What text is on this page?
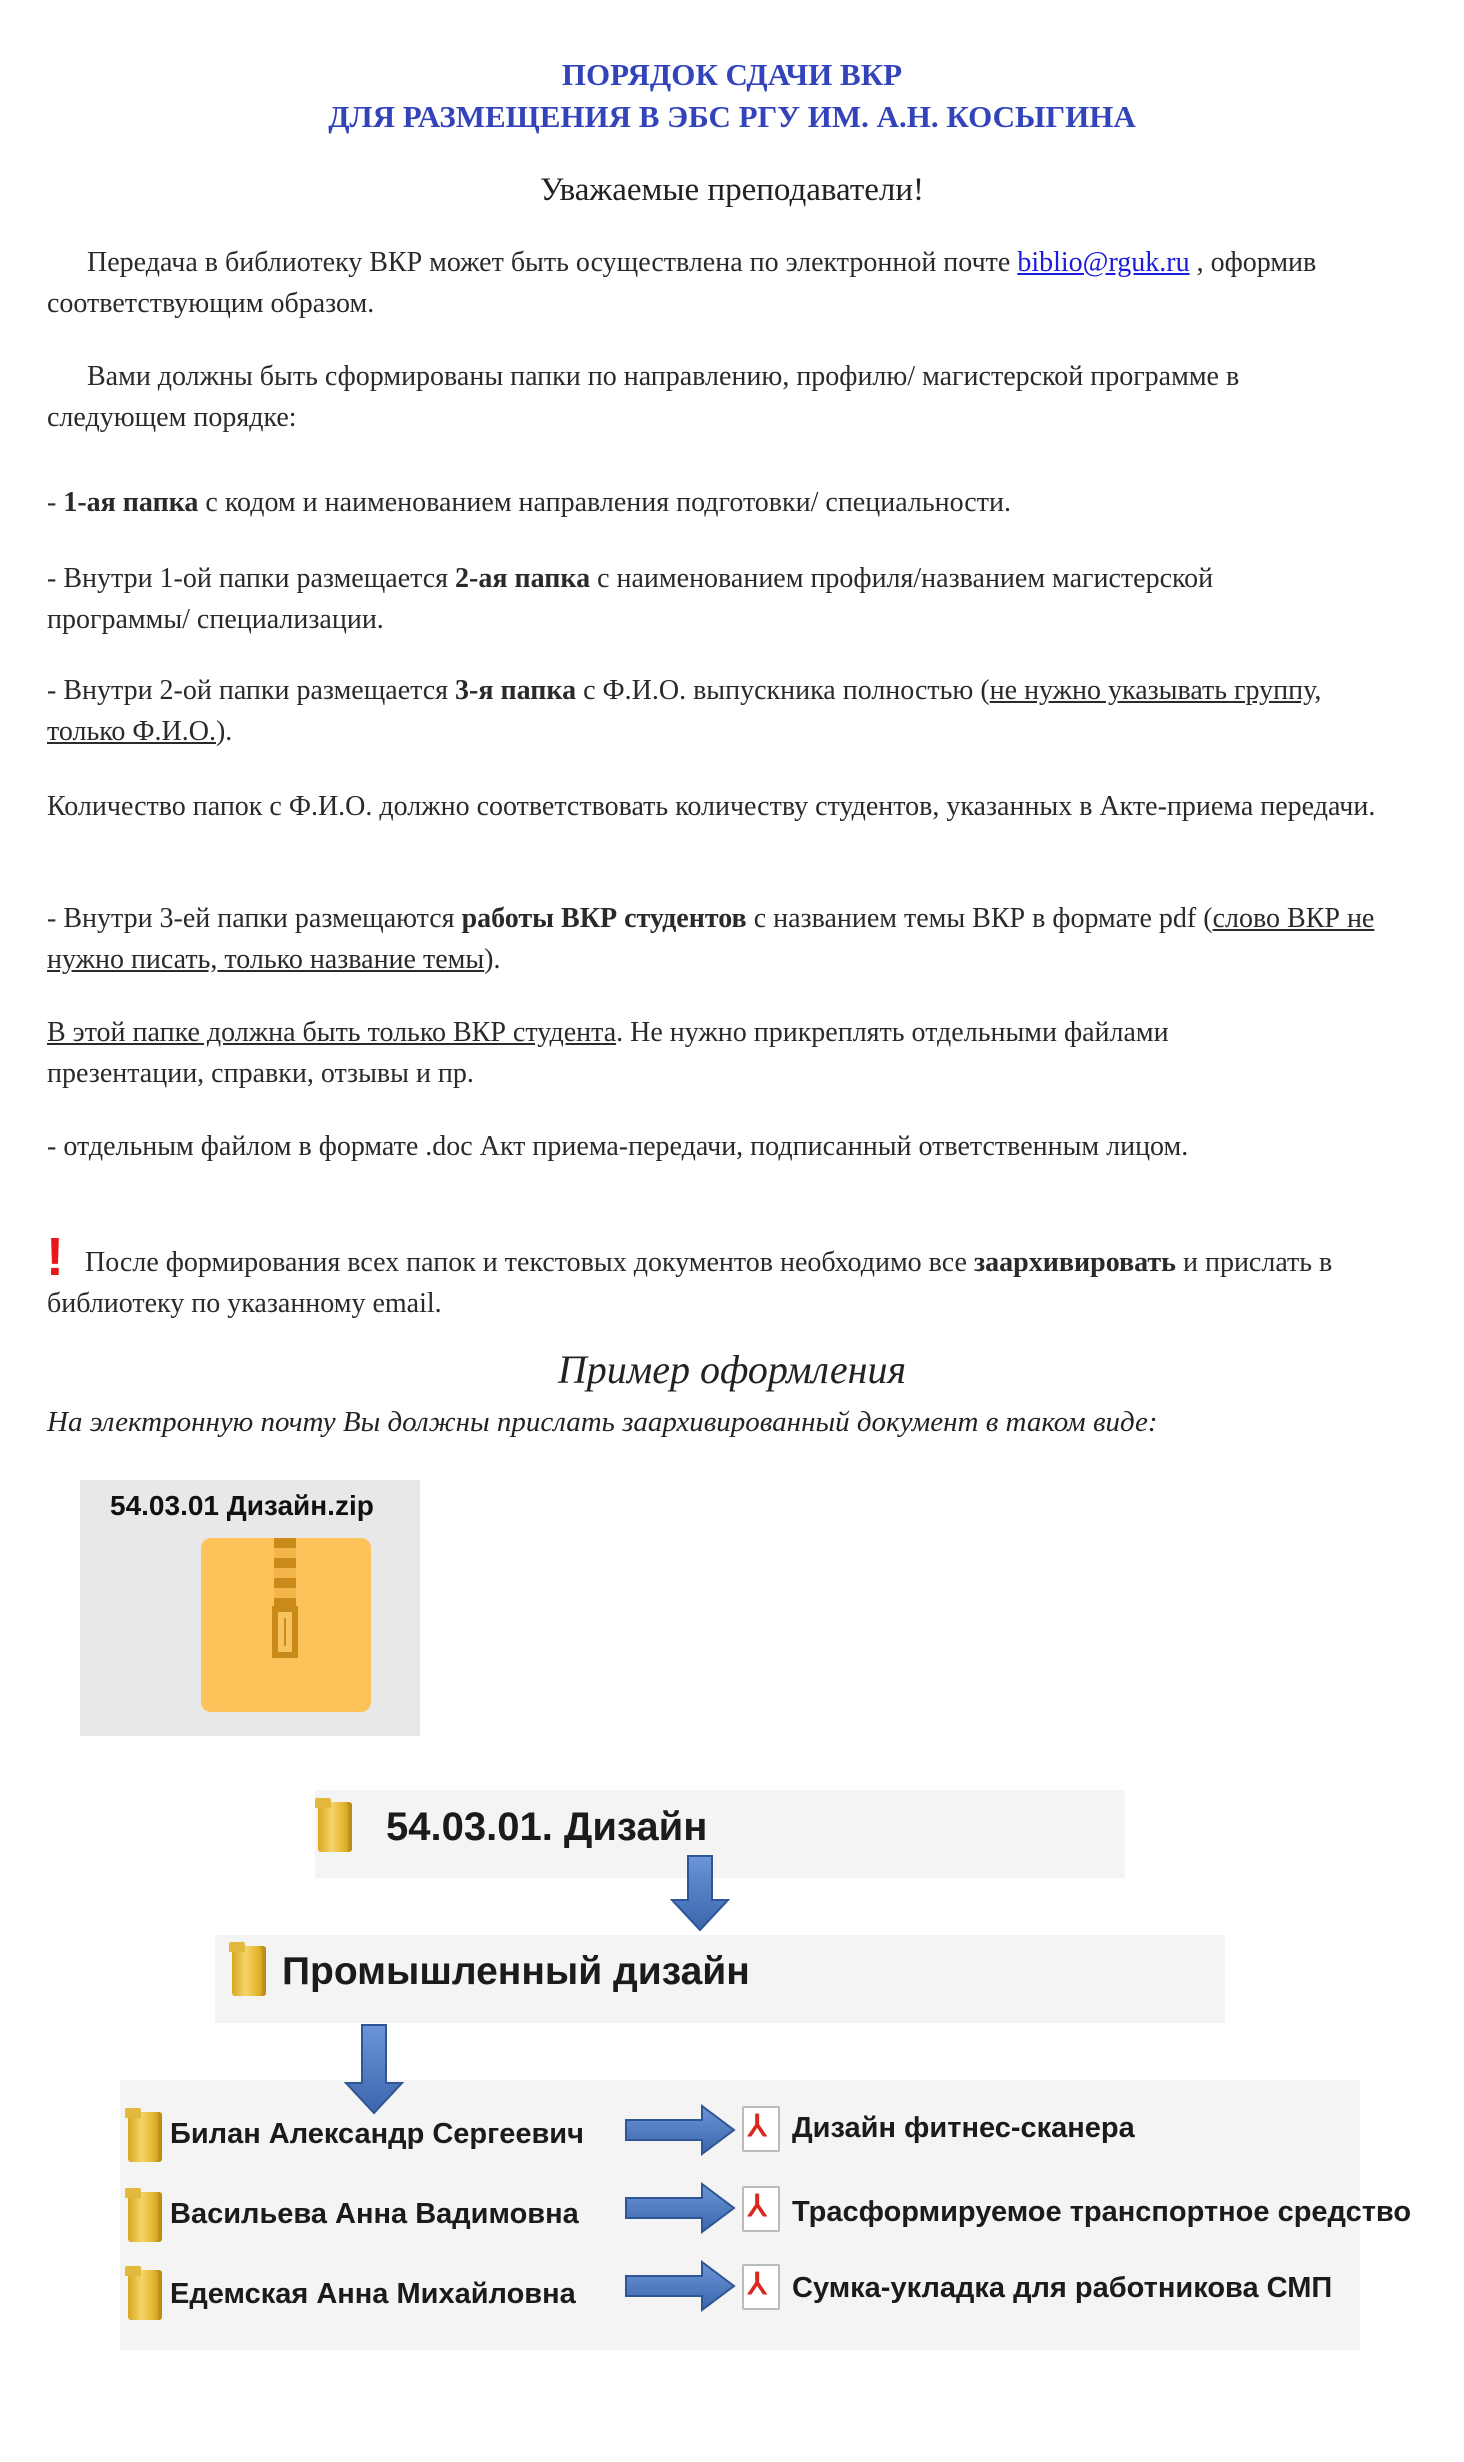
ПОРЯДОК СДАЧИ ВКР
ДЛЯ РАЗМЕЩЕНИЯ В ЭБС РГУ ИМ. А.Н. КОСЫГИНА
Уважаемые преподаватели!
Передача в библиотеку ВКР может быть осуществлена по электронной почте biblio@rguk.ru , оформив соответствующим образом.
Вами должны быть сформированы папки по направлению, профилю/ магистерской программе в следующем порядке:
- 1-ая папка с кодом и наименованием направления подготовки/ специальности.
- Внутри 1-ой папки размещается 2-ая папка с наименованием профиля/названием магистерской программы/ специализации.
- Внутри 2-ой папки размещается 3-я папка с Ф.И.О. выпускника полностью (не нужно указывать группу, только Ф.И.О.).
Количество папок с Ф.И.О. должно соответствовать количеству студентов, указанных в Акте-приема передачи.
- Внутри 3-ей папки размещаются работы ВКР студентов с названием темы ВКР в формате pdf (слово ВКР не нужно писать, только название темы).
В этой папке должна быть только ВКР студента. Не нужно прикреплять отдельными файлами презентации, справки, отзывы и пр.
- отдельным файлом в формате .doc Акт приема-передачи, подписанный ответственным лицом.
! После формирования всех папок и текстовых документов необходимо все заархивировать и прислать в библиотеку по указанному email.
Пример оформления
На электронную почту Вы должны прислать заархивированный документ в таком виде:
54.03.01 Дизайн.zip
54.03.01. Дизайн
Промышленный дизайн
Билан Александр Сергеевич	⅄ Дизайн фитнес-сканера
Васильева Анна Вадимовна	⅄ Трасформируемое транспортное средство
Едемская Анна Михайловна	⅄ Сумка-укладка для работникова СМП
